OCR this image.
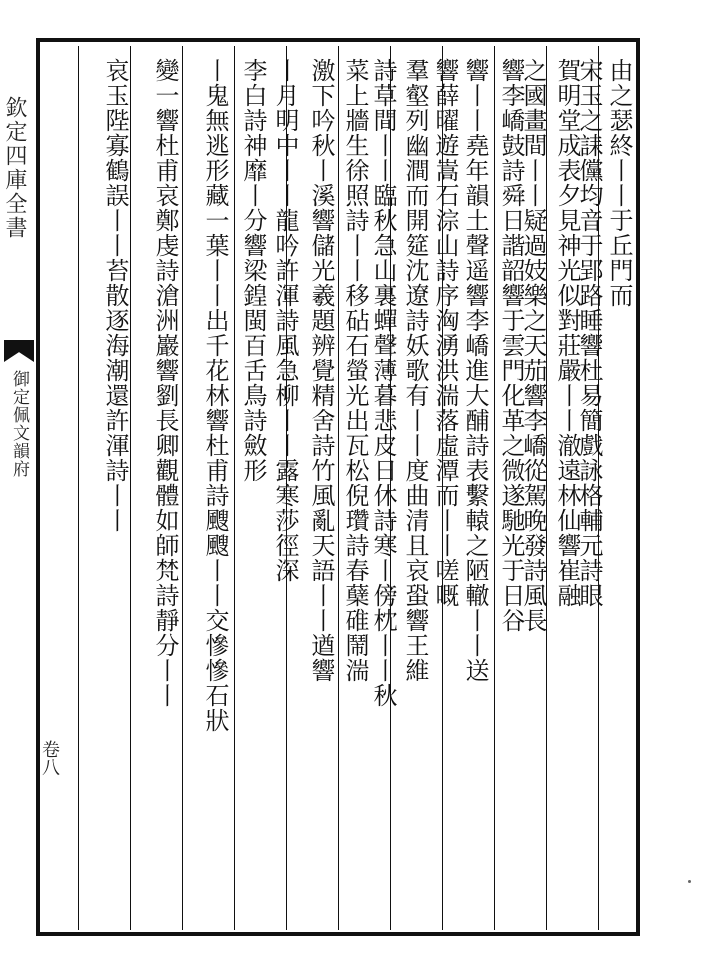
欽定四庫全書
御定佩文韻府
卷八
由之瑟終丨丨于丘門而
宋玉之誄儻均音于郢路睡響杜易簡戲詠格輔元詩眼
賀明堂成表夕見神光似對莊嚴丨丨澈遠林仙響崔融
之國畫間丨丨疑過妓樂之天茄響李嶠從駕晚發詩風長
響李嶠鼓詩舜日諧韶響于雲門化革之微遂馳光于日谷
響丨丨堯年韻土聲遥響李嶠進大酺詩表繫轅之陋轍丨丨送
響薛曜遊嵩石淙山詩序洶湧洪湍落虛潭而丨丨嗟嘅
羣壑列幽澗而開筵沈遼詩妖歌有丨丨度曲清且哀蛩響王維
詩草間丨丨臨秋急山裏蟬聲薄暮悲皮日休詩寒丨傍枕丨丨秋
菜上牆生徐照詩丨丨移砧石螢光出瓦松倪瓚詩春蘖碓鬧湍
激下吟秋丨溪響儲光羲題辨覺精舍詩竹風亂天語丨丨遒響
丨月明中丨丨龍吟許渾詩風急柳丨丨露寒莎徑深
李白詩神靡丨分響梁鍠閩百舌鳥詩斂形
丨鬼無逃形藏一葉丨丨出千花林響杜甫詩颼颼丨丨交慘慘石狀
變一響杜甫哀鄭虔詩滄洲巖響劉長卿觀體如師梵詩靜分丨丨
哀玉陛寡鶴誤丨丨苔散逐海潮還許渾詩丨丨
